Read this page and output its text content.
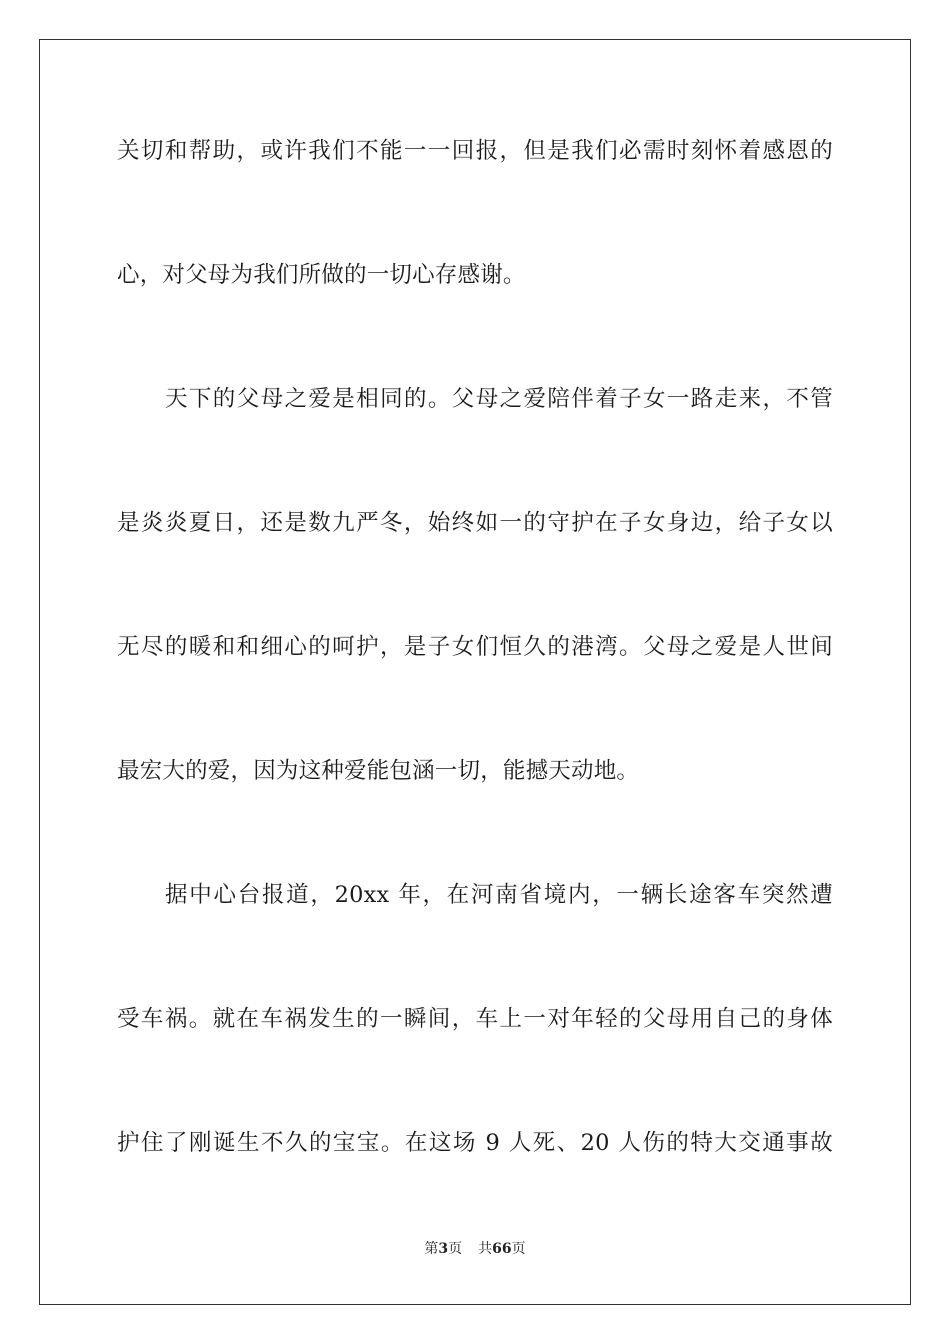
关切和帮助，或许我们不能一一回报，但是我们必需时刻怀着感恩的
心，对父母为我们所做的一切心存感谢。
天下的父母之爱是相同的。父母之爱陪伴着子女一路走来，不管
是炎炎夏日，还是数九严冬，始终如一的守护在子女身边，给子女以
无尽的暖和和细心的呵护，是子女们恒久的港湾。父母之爱是人世间
最宏大的爱，因为这种爱能包涵一切，能撼天动地。
据中心台报道，20xx 年，在河南省境内，一辆长途客车突然遭
受车祸。就在车祸发生的一瞬间，车上一对年轻的父母用自己的身体
护住了刚诞生不久的宝宝。在这场 9 人死、20 人伤的特大交通事故
第3页 共66页
